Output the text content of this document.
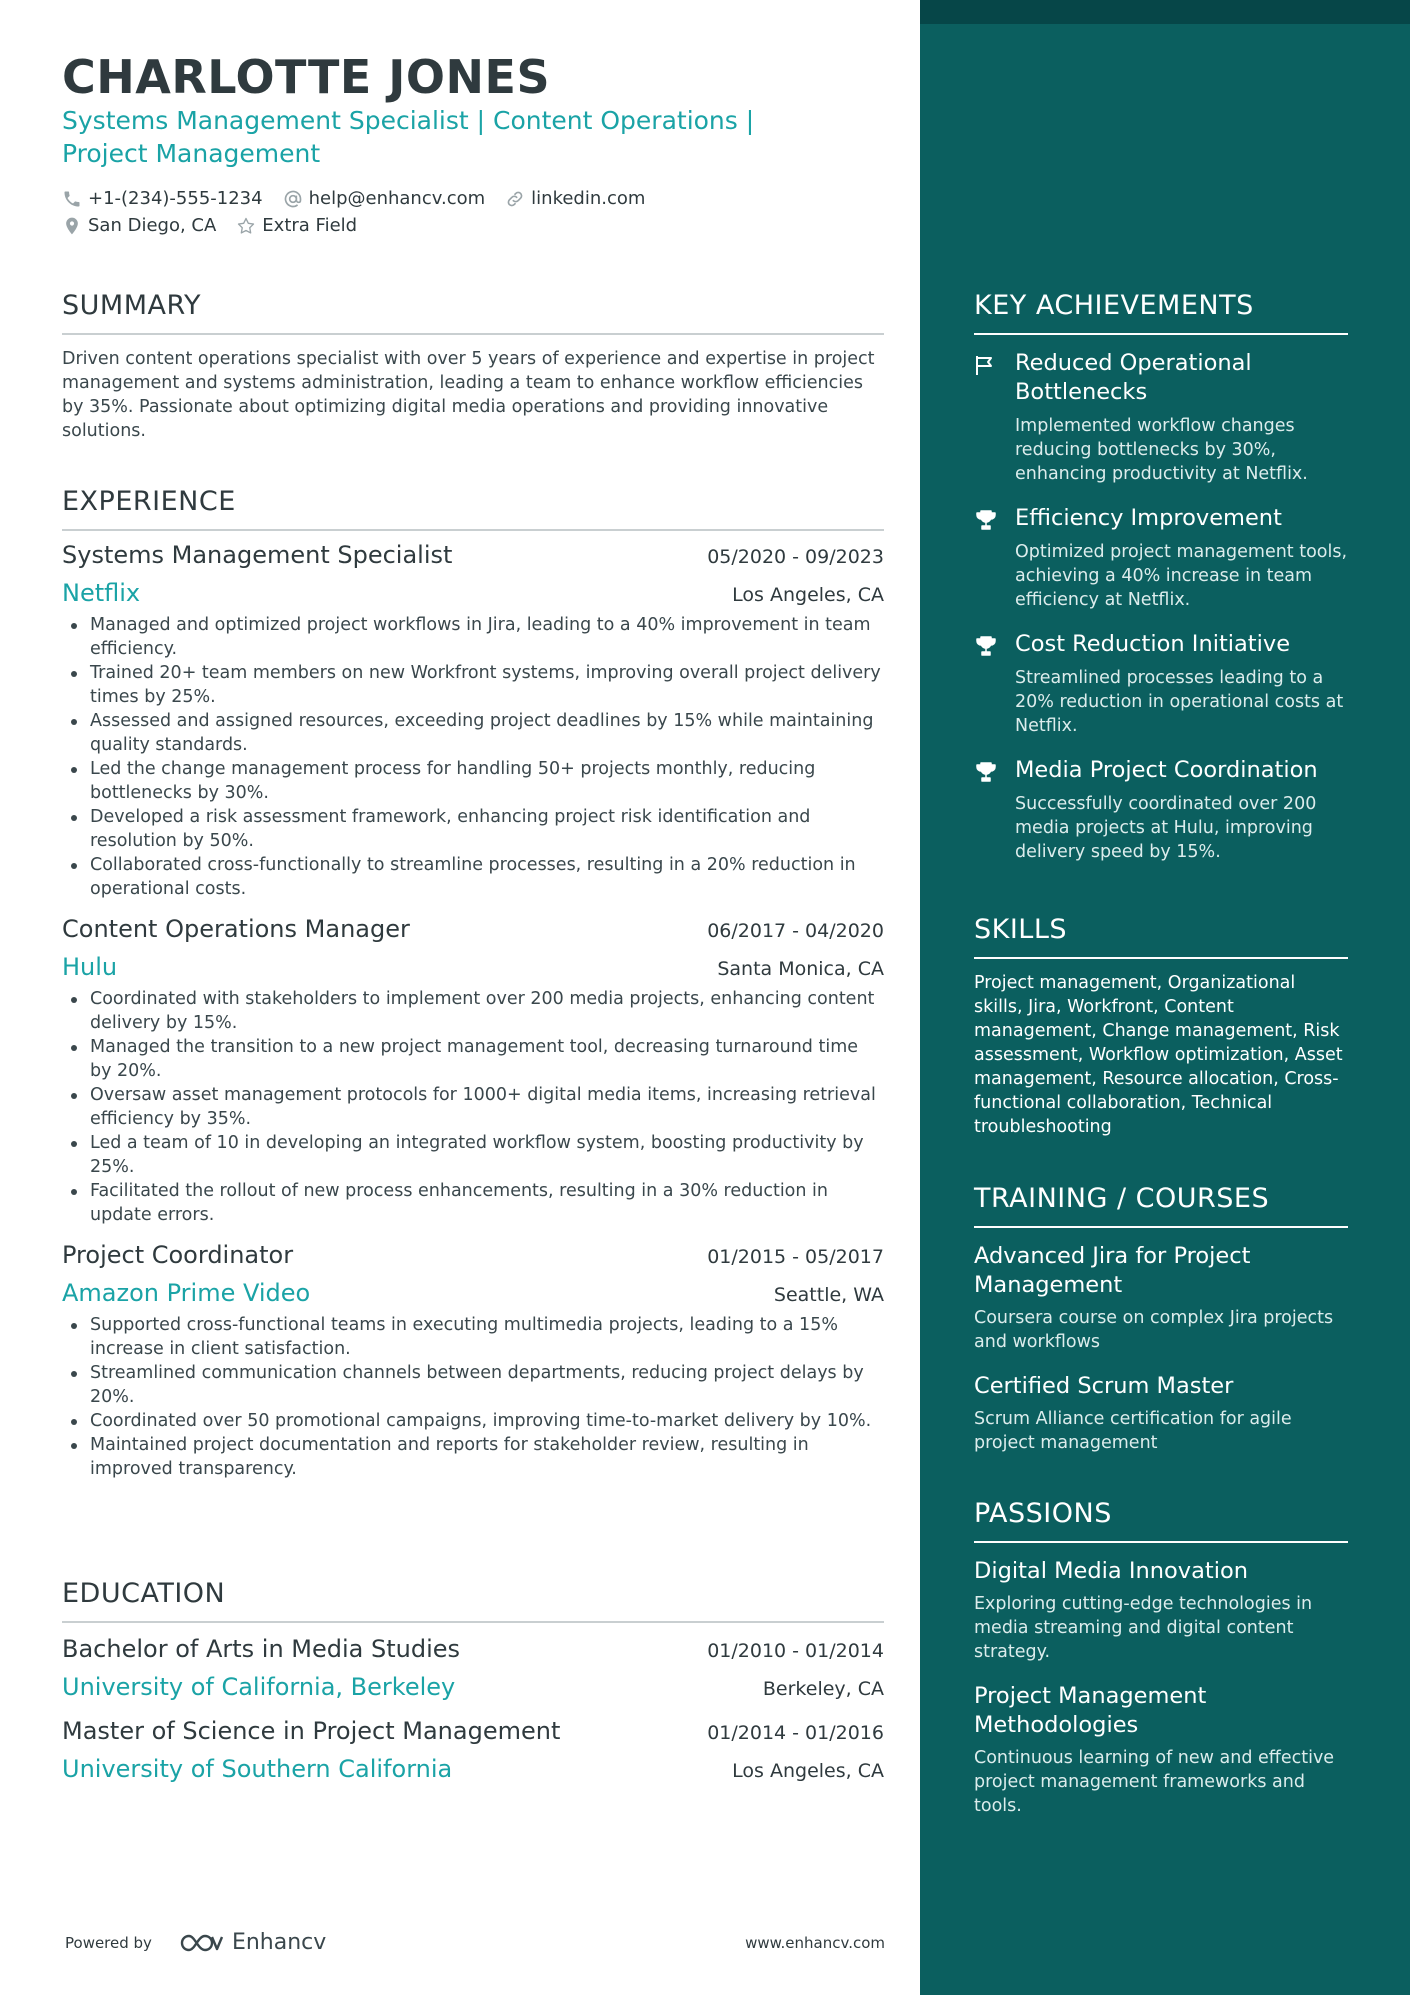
CHARLOTTE JONES
Systems Management Specialist | Content Operations | Project Management
+1-(234)-555-1234	help@enhancv.com	linkedin.com
San Diego, CA	Extra Field
SUMMARY
Driven content operations specialist with over 5 years of experience and expertise in project management and systems administration, leading a team to enhance workflow efficiencies by 35%. Passionate about optimizing digital media operations and providing innovative solutions.
EXPERIENCE
Systems Management Specialist	05/2020 - 09/2023
Netflix	Los Angeles, CA
Managed and optimized project workflows in Jira, leading to a 40% improvement in team efficiency.
Trained 20+ team members on new Workfront systems, improving overall project delivery times by 25%.
Assessed and assigned resources, exceeding project deadlines by 15% while maintaining quality standards.
Led the change management process for handling 50+ projects monthly, reducing bottlenecks by 30%.
Developed a risk assessment framework, enhancing project risk identification and resolution by 50%.
Collaborated cross-functionally to streamline processes, resulting in a 20% reduction in operational costs.
Content Operations Manager	06/2017 - 04/2020
Hulu	Santa Monica, CA
Coordinated with stakeholders to implement over 200 media projects, enhancing content delivery by 15%.
Managed the transition to a new project management tool, decreasing turnaround time by 20%.
Oversaw asset management protocols for 1000+ digital media items, increasing retrieval efficiency by 35%.
Led a team of 10 in developing an integrated workflow system, boosting productivity by 25%.
Facilitated the rollout of new process enhancements, resulting in a 30% reduction in update errors.
Project Coordinator	01/2015 - 05/2017
Amazon Prime Video	Seattle, WA
Supported cross-functional teams in executing multimedia projects, leading to a 15% increase in client satisfaction.
Streamlined communication channels between departments, reducing project delays by 20%.
Coordinated over 50 promotional campaigns, improving time-to-market delivery by 10%.
Maintained project documentation and reports for stakeholder review, resulting in improved transparency.
EDUCATION
Bachelor of Arts in Media Studies	01/2010 - 01/2014
University of California, Berkeley	Berkeley, CA
Master of Science in Project Management	01/2014 - 01/2016
University of Southern California	Los Angeles, CA
Powered by	Enhancv	www.enhancv.com
KEY ACHIEVEMENTS
Reduced Operational Bottlenecks
Implemented workflow changes reducing bottlenecks by 30%, enhancing productivity at Netflix.
Efficiency Improvement
Optimized project management tools, achieving a 40% increase in team efficiency at Netflix.
Cost Reduction Initiative
Streamlined processes leading to a 20% reduction in operational costs at Netflix.
Media Project Coordination
Successfully coordinated over 200 media projects at Hulu, improving delivery speed by 15%.
SKILLS
Project management, Organizational skills, Jira, Workfront, Content management, Change management, Risk assessment, Workflow optimization, Asset management, Resource allocation, Cross-functional collaboration, Technical troubleshooting
TRAINING / COURSES
Advanced Jira for Project Management
Coursera course on complex Jira projects and workflows
Certified Scrum Master
Scrum Alliance certification for agile project management
PASSIONS
Digital Media Innovation
Exploring cutting-edge technologies in media streaming and digital content strategy.
Project Management Methodologies
Continuous learning of new and effective project management frameworks and tools.
